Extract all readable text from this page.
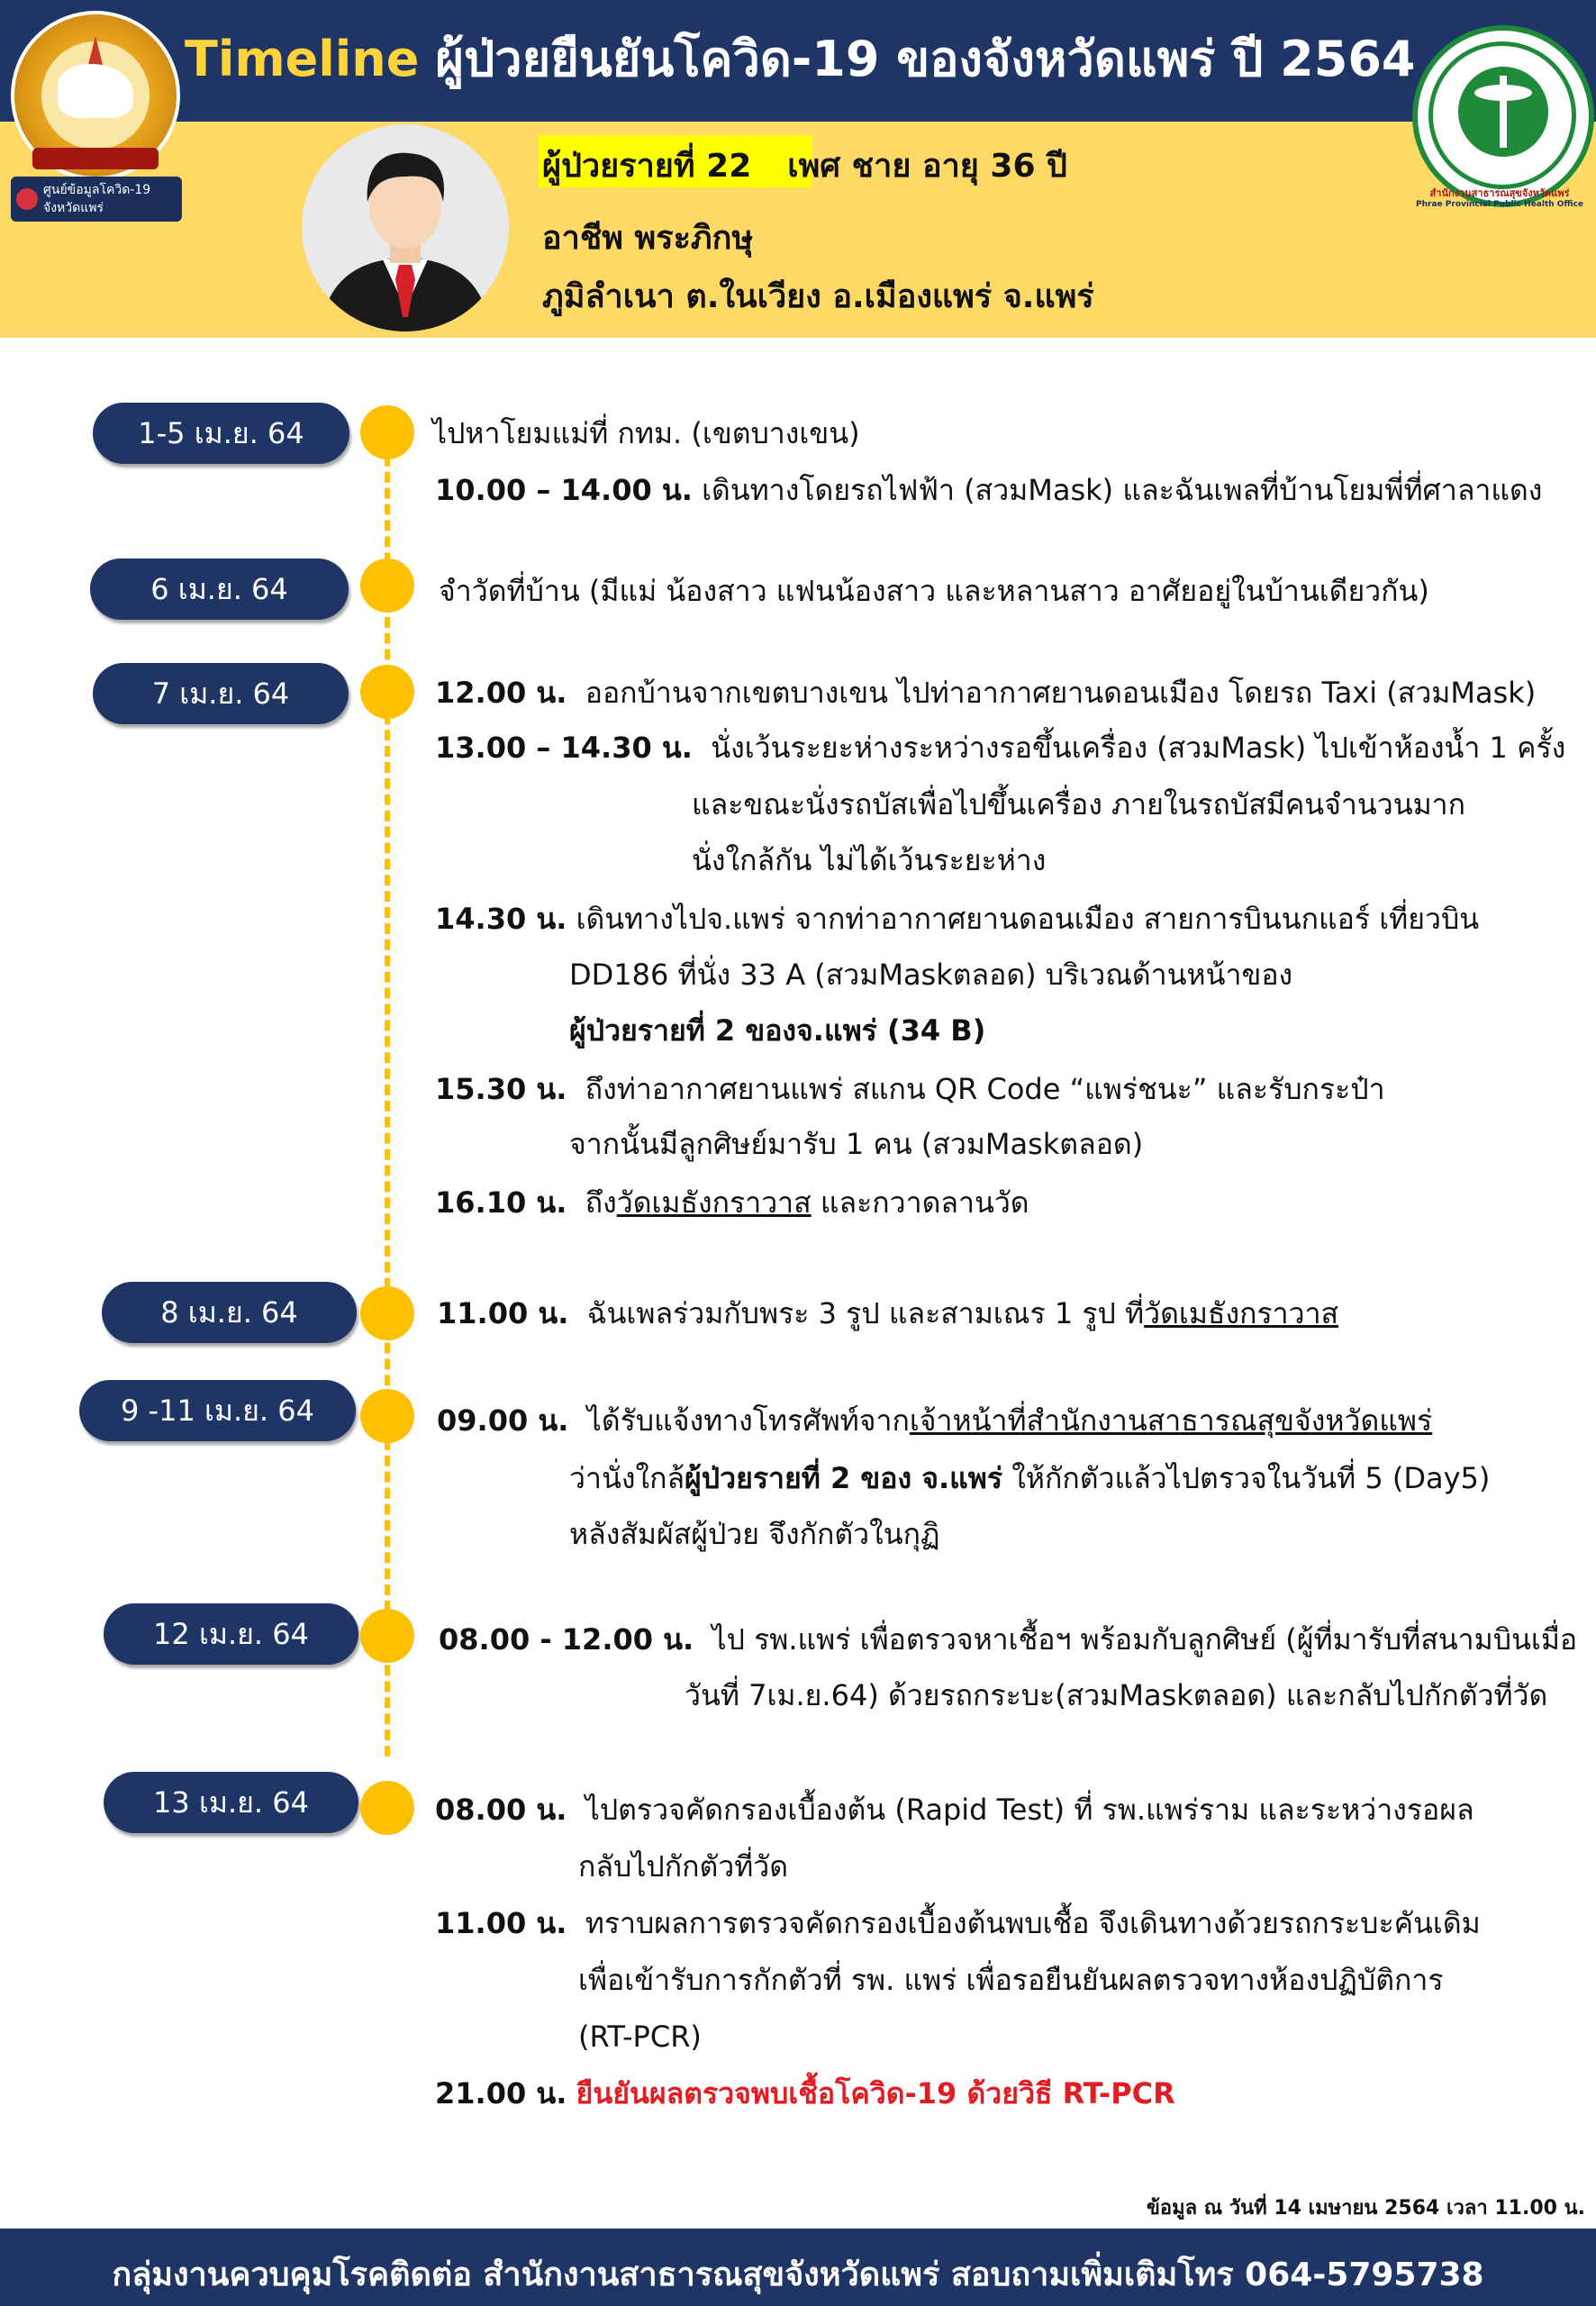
Timeline ผู้ป่วยยืนยันโควิด-19 ของจังหวัดแพร่ ปี 2564
ศูนย์ข้อมูลโควิด-19
จังหวัดแพร่
ผู้ป่วยรายที่ 22 เพศ ชาย อายุ 36 ปี
อาชีพ พระภิกษุ
ภูมิลำเนา ต.ในเวียง อ.เมืองแพร่ จ.แพร่
สำนักงานสาธารณสุขจังหวัดแพร่
Phrae Provincial Public Health Office
1-5 เม.ย. 64	ไปหาโยมแม่ที่ กทม. (เขตบางเขน)
10.00 – 14.00 น. เดินทางโดยรถไฟฟ้า (สวมMask) และฉันเพลที่บ้านโยมพี่ที่ศาลาแดง
6 เม.ย. 64	จำวัดที่บ้าน (มีแม่ น้องสาว แฟนน้องสาว และหลานสาว อาศัยอยู่ในบ้านเดียวกัน)
7 เม.ย. 64	12.00 น. ออกบ้านจากเขตบางเขน ไปท่าอากาศยานดอนเมือง โดยรถ Taxi (สวมMask)
13.00 – 14.30 น. นั่งเว้นระยะห่างระหว่างรอขึ้นเครื่อง (สวมMask) ไปเข้าห้องน้ำ 1 ครั้ง
และขณะนั่งรถบัสเพื่อไปขึ้นเครื่อง ภายในรถบัสมีคนจำนวนมาก
นั่งใกล้กัน ไม่ได้เว้นระยะห่าง
14.30 น. เดินทางไปจ.แพร่ จากท่าอากาศยานดอนเมือง สายการบินนกแอร์ เที่ยวบิน
DD186 ที่นั่ง 33 A (สวมMaskตลอด) บริเวณด้านหน้าของ
ผู้ป่วยรายที่ 2 ของจ.แพร่ (34 B)
15.30 น. ถึงท่าอากาศยานแพร่ สแกน QR Code “แพร่ชนะ” และรับกระป๋า
จากนั้นมีลูกศิษย์มารับ 1 คน (สวมMaskตลอด)
16.10 น. ถึงวัดเมธังกราวาส และกวาดลานวัด
8 เม.ย. 64	11.00 น. ฉันเพลร่วมกับพระ 3 รูป และสามเณร 1 รูป ที่วัดเมธังกราวาส
9 -11 เม.ย. 64	09.00 น. ได้รับแจ้งทางโทรศัพท์จากเจ้าหน้าที่สำนักงานสาธารณสุขจังหวัดแพร่
ว่านั่งใกล้ผู้ป่วยรายที่ 2 ของ จ.แพร่ ให้กักตัวแล้วไปตรวจในวันที่ 5 (Day5)
หลังสัมผัสผู้ป่วย จึงกักตัวในกุฏิ
12 เม.ย. 64	08.00 - 12.00 น. ไป รพ.แพร่ เพื่อตรวจหาเชื้อฯ พร้อมกับลูกศิษย์ (ผู้ที่มารับที่สนามบินเมื่อ
วันที่ 7เม.ย.64) ด้วยรถกระบะ(สวมMaskตลอด) และกลับไปกักตัวที่วัด
13 เม.ย. 64	08.00 น. ไปตรวจคัดกรองเบื้องต้น (Rapid Test) ที่ รพ.แพร่ราม และระหว่างรอผล
กลับไปกักตัวที่วัด
11.00 น. ทราบผลการตรวจคัดกรองเบื้องต้นพบเชื้อ จึงเดินทางด้วยรถกระบะคันเดิม
เพื่อเข้ารับการกักตัวที่ รพ. แพร่ เพื่อรอยืนยันผลตรวจทางห้องปฏิบัติการ
(RT-PCR)
21.00 น. ยืนยันผลตรวจพบเชื้อโควิด-19 ด้วยวิธี RT-PCR
ข้อมูล ณ วันที่ 14 เมษายน 2564 เวลา 11.00 น.
กลุ่มงานควบคุมโรคติดต่อ สำนักงานสาธารณสุขจังหวัดแพร่ สอบถามเพิ่มเติมโทร 064-5795738
